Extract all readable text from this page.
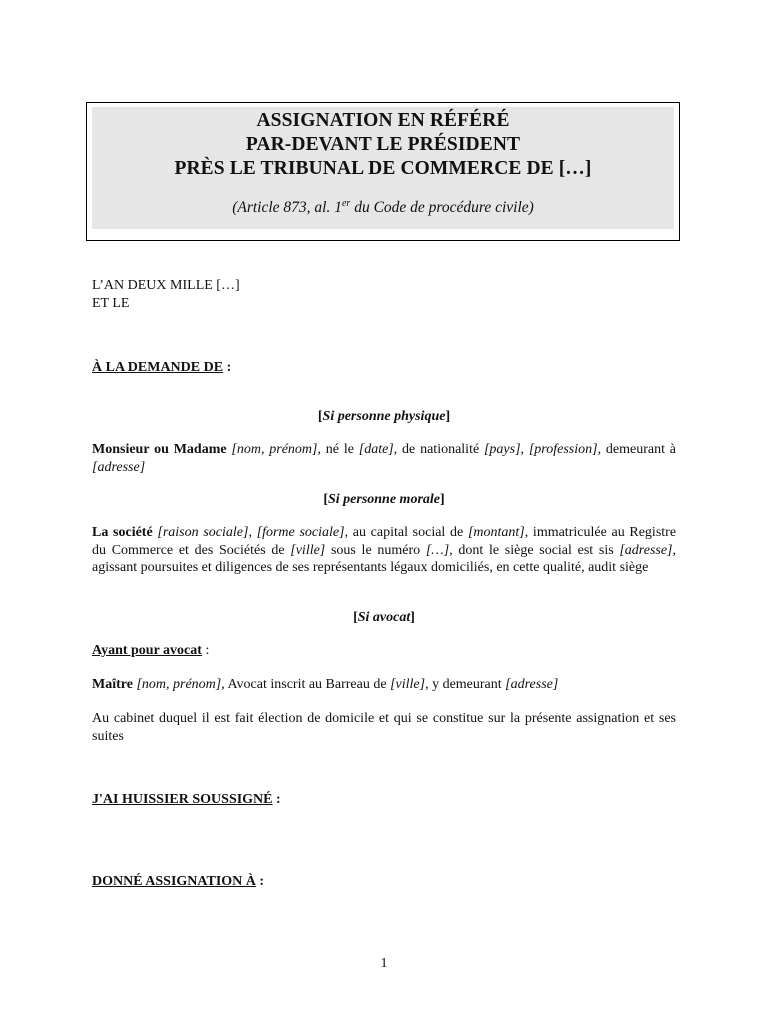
ASSIGNATION EN RÉFÉRÉ
PAR-DEVANT LE PRÉSIDENT
PRÈS LE TRIBUNAL DE COMMERCE DE […]
(Article 873, al. 1er du Code de procédure civile)
L’AN DEUX MILLE […]
ET LE
À LA DEMANDE DE :
[Si personne physique]
Monsieur ou Madame [nom, prénom], né le [date], de nationalité [pays], [profession], demeurant à [adresse]
[Si personne morale]
La société [raison sociale], [forme sociale], au capital social de [montant], immatriculée au Registre du Commerce et des Sociétés de [ville] sous le numéro […], dont le siège social est sis [adresse], agissant poursuites et diligences de ses représentants légaux domiciliés, en cette qualité, audit siège
[Si avocat]
Ayant pour avocat :
Maître [nom, prénom], Avocat inscrit au Barreau de [ville], y demeurant [adresse]
Au cabinet duquel il est fait élection de domicile et qui se constitue sur la présente assignation et ses suites
J'AI HUISSIER SOUSSIGNÉ :
DONNÉ ASSIGNATION À :
1
